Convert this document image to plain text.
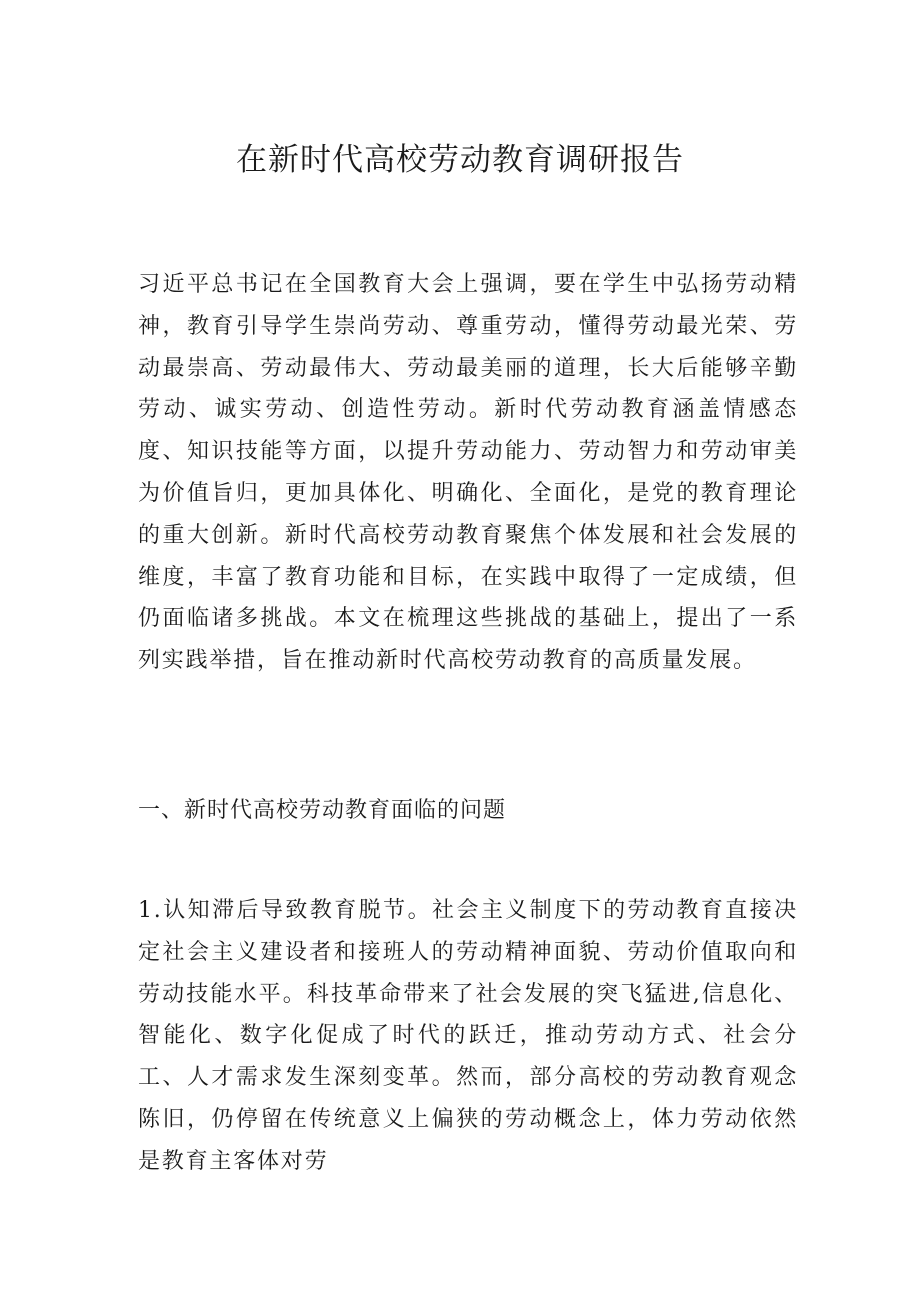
在新时代高校劳动教育调研报告

习近平总书记在全国教育大会上强调，要在学生中弘扬劳动精神，教育引导学生崇尚劳动、尊重劳动，懂得劳动最光荣、劳动最崇高、劳动最伟大、劳动最美丽的道理，长大后能够辛勤劳动、诚实劳动、创造性劳动。新时代劳动教育涵盖情感态度、知识技能等方面，以提升劳动能力、劳动智力和劳动审美为价值旨归，更加具体化、明确化、全面化，是党的教育理论的重大创新。新时代高校劳动教育聚焦个体发展和社会发展的维度，丰富了教育功能和目标，在实践中取得了一定成绩，但仍面临诸多挑战。本文在梳理这些挑战的基础上，提出了一系列实践举措，旨在推动新时代高校劳动教育的高质量发展。

一、新时代高校劳动教育面临的问题

1.认知滞后导致教育脱节。社会主义制度下的劳动教育直接决定社会主义建设者和接班人的劳动精神面貌、劳动价值取向和劳动技能水平。科技革命带来了社会发展的突飞猛进,信息化、智能化、数字化促成了时代的跃迁，推动劳动方式、社会分工、人才需求发生深刻变革。然而，部分高校的劳动教育观念陈旧，仍停留在传统意义上偏狭的劳动概念上，体力劳动依然是教育主客体对劳
